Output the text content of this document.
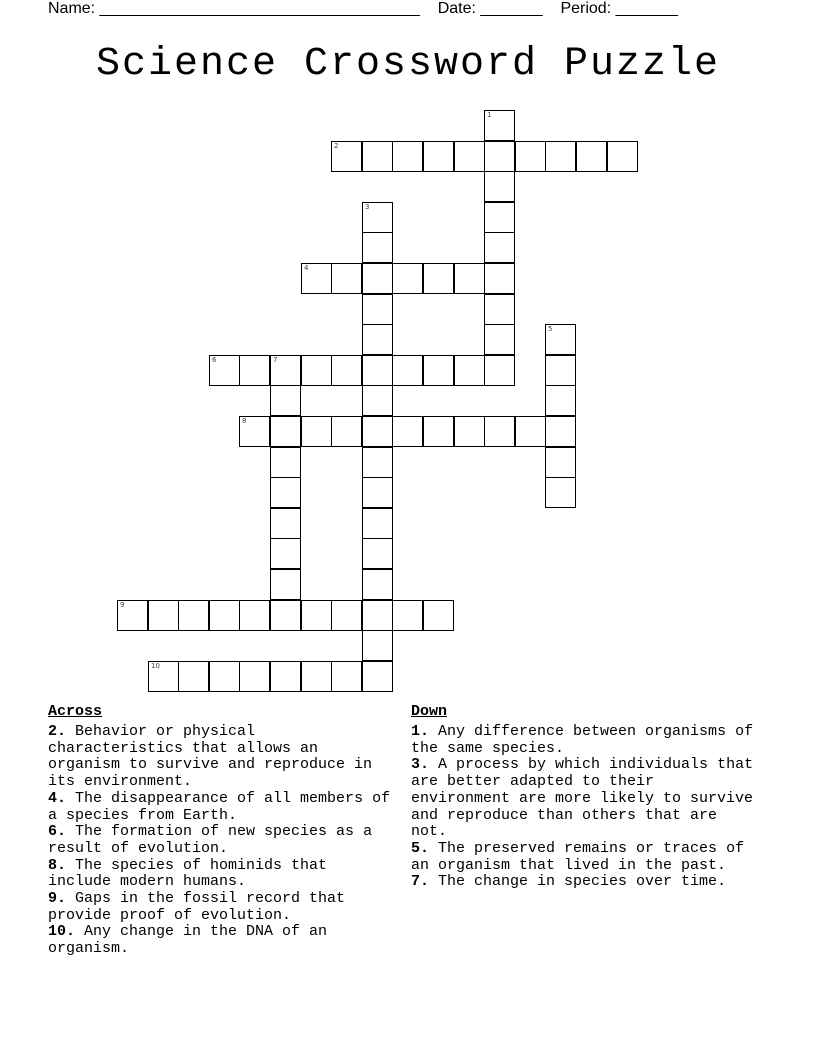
Name: ____________________________________    Date: _______    Period: _______
Science Crossword Puzzle
1
2
3
4
5
6	7
8
9
10
Across

2. Behavior or physical characteristics that allows an organism to survive and reproduce in its environment.

4. The disappearance of all members of a species from Earth.

6. The formation of new species as a result of evolution.

8. The species of hominids that include modern humans.

9. Gaps in the fossil record that provide proof of evolution.

10. Any change in the DNA of an organism.

Down

1. Any difference between organisms of the same species.

3. A process by which individuals that are better adapted to their environment are more likely to survive and reproduce than others that are not.

5. The preserved remains or traces of an organism that lived in the past.

7. The change in species over time.
